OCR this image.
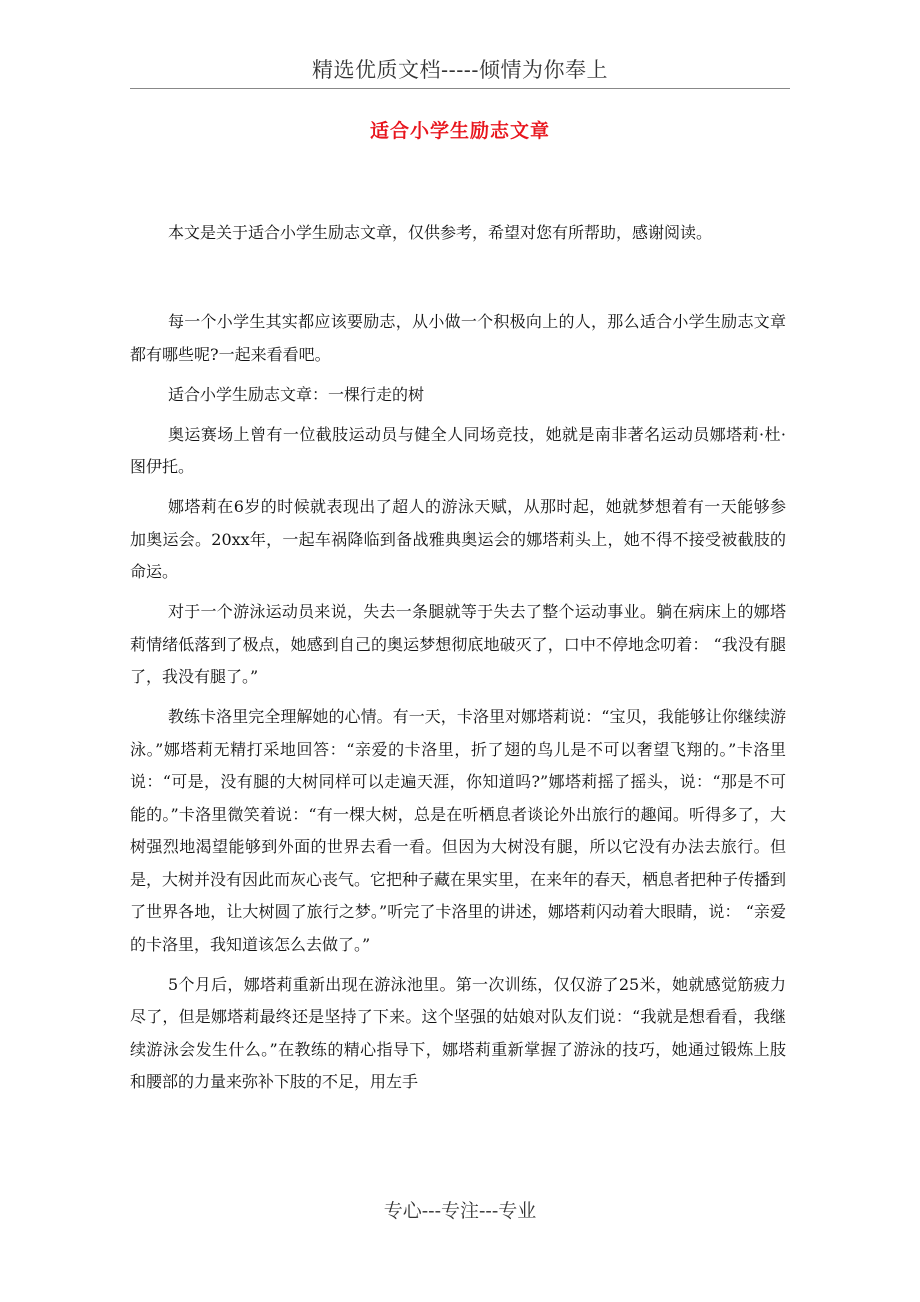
精选优质文档-----倾情为你奉上
适合小学生励志文章
本文是关于适合小学生励志文章，仅供参考，希望对您有所帮助，感谢阅读。

每一个小学生其实都应该要励志，从小做一个积极向上的人，那么适合小学生励志文章都有哪些呢?一起来看看吧。

适合小学生励志文章：一棵行走的树

奥运赛场上曾有一位截肢运动员与健全人同场竞技，她就是南非著名运动员娜塔莉·杜·图伊托。

娜塔莉在6岁的时候就表现出了超人的游泳天赋，从那时起，她就梦想着有一天能够参加奥运会。20xx年，一起车祸降临到备战雅典奥运会的娜塔莉头上，她不得不接受被截肢的命运。

对于一个游泳运动员来说，失去一条腿就等于失去了整个运动事业。躺在病床上的娜塔莉情绪低落到了极点，她感到自己的奥运梦想彻底地破灭了，口中不停地念叨着： “我没有腿了，我没有腿了。”

教练卡洛里完全理解她的心情。有一天，卡洛里对娜塔莉说：“宝贝，我能够让你继续游泳。”娜塔莉无精打采地回答：“亲爱的卡洛里，折了翅的鸟儿是不可以奢望飞翔的。”卡洛里说：“可是，没有腿的大树同样可以走遍天涯，你知道吗?”娜塔莉摇了摇头，说：“那是不可能的。”卡洛里微笑着说：“有一棵大树，总是在听栖息者谈论外出旅行的趣闻。听得多了，大树强烈地渴望能够到外面的世界去看一看。但因为大树没有腿，所以它没有办法去旅行。但是，大树并没有因此而灰心丧气。它把种子藏在果实里，在来年的春天，栖息者把种子传播到了世界各地，让大树圆了旅行之梦。”听完了卡洛里的讲述，娜塔莉闪动着大眼睛，说： “亲爱的卡洛里，我知道该怎么去做了。”

5个月后，娜塔莉重新出现在游泳池里。第一次训练，仅仅游了25米，她就感觉筋疲力尽了，但是娜塔莉最终还是坚持了下来。这个坚强的姑娘对队友们说：“我就是想看看，我继续游泳会发生什么。”在教练的精心指导下，娜塔莉重新掌握了游泳的技巧，她通过锻炼上肢和腰部的力量来弥补下肢的不足，用左手

专心---专注---专业
